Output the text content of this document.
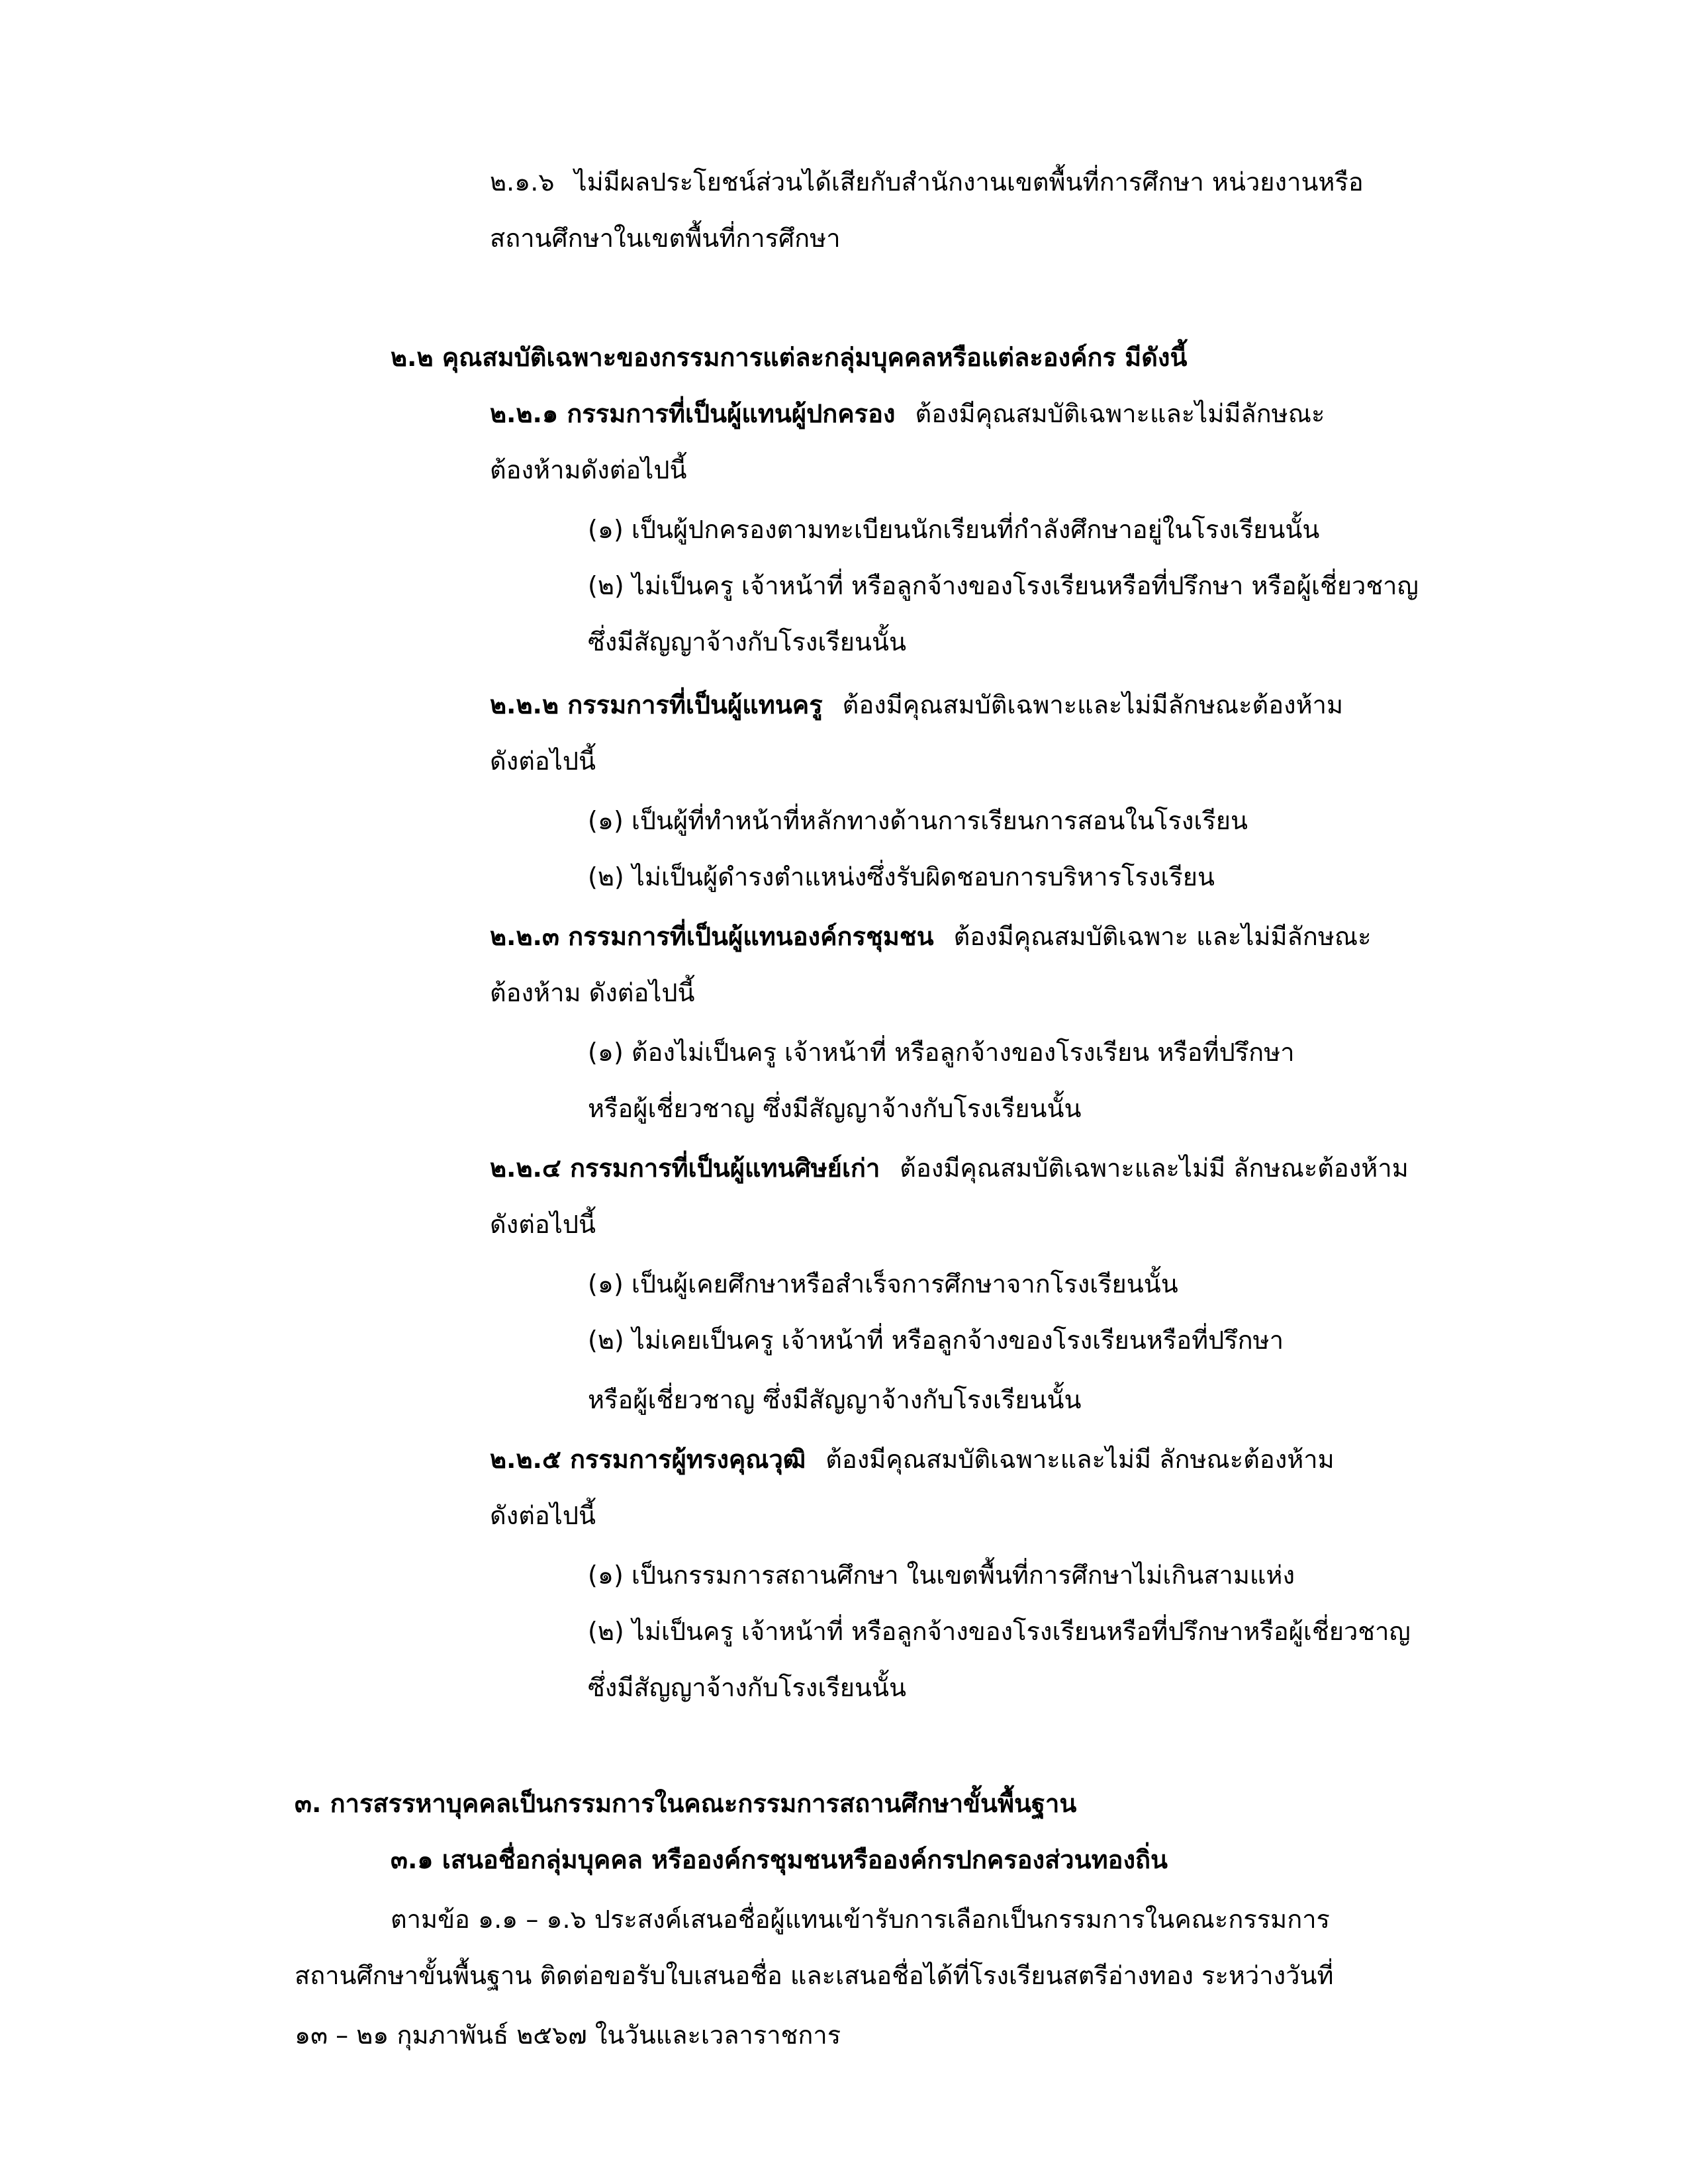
๒.๑.๖ ไม่มีผลประโยชน์ส่วนได้เสียกับสำนักงานเขตพื้นที่การศึกษา หน่วยงานหรือ
สถานศึกษาในเขตพื้นที่การศึกษา
๒.๒ คุณสมบัติเฉพาะของกรรมการแต่ละกลุ่มบุคคลหรือแต่ละองค์กร มีดังนี้
๒.๒.๑ กรรมการที่เป็นผู้แทนผู้ปกครอง ต้องมีคุณสมบัติเฉพาะและไม่มีลักษณะ
ต้องห้ามดังต่อไปนี้
(๑) เป็นผู้ปกครองตามทะเบียนนักเรียนที่กำลังศึกษาอยู่ในโรงเรียนนั้น
(๒) ไม่เป็นครู เจ้าหน้าที่ หรือลูกจ้างของโรงเรียนหรือที่ปรึกษา หรือผู้เชี่ยวชาญ
ซึ่งมีสัญญาจ้างกับโรงเรียนนั้น
๒.๒.๒ กรรมการที่เป็นผู้แทนครู ต้องมีคุณสมบัติเฉพาะและไม่มีลักษณะต้องห้าม
ดังต่อไปนี้
(๑) เป็นผู้ที่ทำหน้าที่หลักทางด้านการเรียนการสอนในโรงเรียน
(๒) ไม่เป็นผู้ดำรงตำแหน่งซึ่งรับผิดชอบการบริหารโรงเรียน
๒.๒.๓ กรรมการที่เป็นผู้แทนองค์กรชุมชน ต้องมีคุณสมบัติเฉพาะ และไม่มีลักษณะ
ต้องห้าม ดังต่อไปนี้
(๑) ต้องไม่เป็นครู เจ้าหน้าที่ หรือลูกจ้างของโรงเรียน หรือที่ปรึกษา
หรือผู้เชี่ยวชาญ ซึ่งมีสัญญาจ้างกับโรงเรียนนั้น
๒.๒.๔ กรรมการที่เป็นผู้แทนศิษย์เก่า ต้องมีคุณสมบัติเฉพาะและไม่มี ลักษณะต้องห้าม
ดังต่อไปนี้
(๑) เป็นผู้เคยศึกษาหรือสำเร็จการศึกษาจากโรงเรียนนั้น
(๒) ไม่เคยเป็นครู เจ้าหน้าที่ หรือลูกจ้างของโรงเรียนหรือที่ปรึกษา
หรือผู้เชี่ยวชาญ ซึ่งมีสัญญาจ้างกับโรงเรียนนั้น
๒.๒.๕ กรรมการผู้ทรงคุณวุฒิ ต้องมีคุณสมบัติเฉพาะและไม่มี ลักษณะต้องห้าม
ดังต่อไปนี้
(๑) เป็นกรรมการสถานศึกษา ในเขตพื้นที่การศึกษาไม่เกินสามแห่ง
(๒) ไม่เป็นครู เจ้าหน้าที่ หรือลูกจ้างของโรงเรียนหรือที่ปรึกษาหรือผู้เชี่ยวชาญ
ซึ่งมีสัญญาจ้างกับโรงเรียนนั้น
๓. การสรรหาบุคคลเป็นกรรมการในคณะกรรมการสถานศึกษาขั้นพื้นฐาน
๓.๑ เสนอชื่อกลุ่มบุคคล หรือองค์กรชุมชนหรือองค์กรปกครองส่วนทองถิ่น
ตามข้อ ๑.๑ – ๑.๖ ประสงค์เสนอชื่อผู้แทนเข้ารับการเลือกเป็นกรรมการในคณะกรรมการ
สถานศึกษาขั้นพื้นฐาน ติดต่อขอรับใบเสนอชื่อ และเสนอชื่อได้ที่โรงเรียนสตรีอ่างทอง ระหว่างวันที่
๑๓ – ๒๑ กุมภาพันธ์ ๒๕๖๗ ในวันและเวลาราชการ
